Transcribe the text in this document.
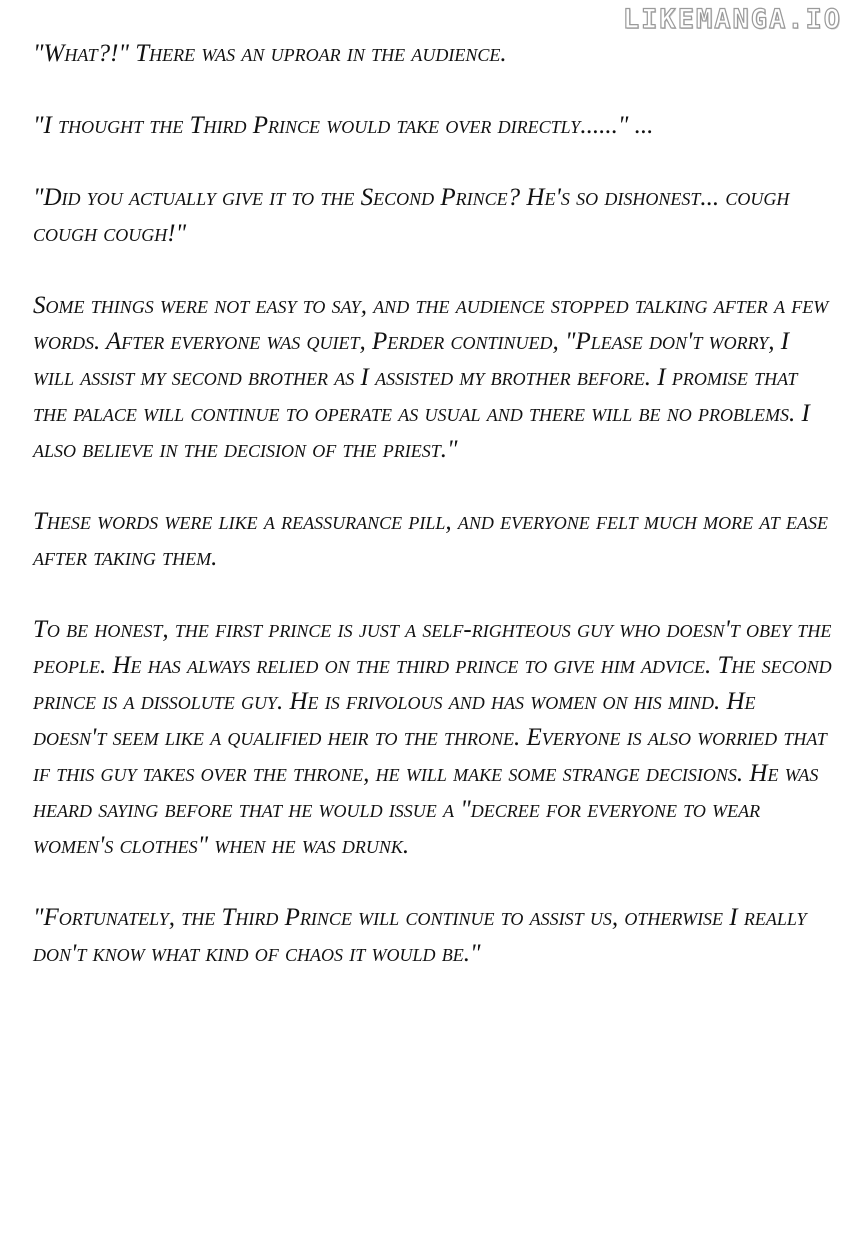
LIKEMANGA.IO

"What?!" There was an uproar in the audience.

"I thought the Third Prince would take over directly......" ...

"Did you actually give it to the Second Prince? He's so dishonest... cough cough cough!"

Some things were not easy to say, and the audience stopped talking after a few words. After everyone was quiet, Perder continued, "Please don't worry, I will assist my second brother as I assisted my brother before. I promise that the palace will continue to operate as usual and there will be no problems. I also believe in the decision of the priest."

These words were like a reassurance pill, and everyone felt much more at ease after taking them.

To be honest, the first prince is just a self-righteous guy who doesn't obey the people. He has always relied on the third prince to give him advice. The second prince is a dissolute guy. He is frivolous and has women on his mind. He doesn't seem like a qualified heir to the throne. Everyone is also worried that if this guy takes over the throne, he will make some strange decisions. He was heard saying before that he would issue a "decree for everyone to wear women's clothes" when he was drunk.

"Fortunately, the Third Prince will continue to assist us, otherwise I really don't know what kind of chaos it would be."
